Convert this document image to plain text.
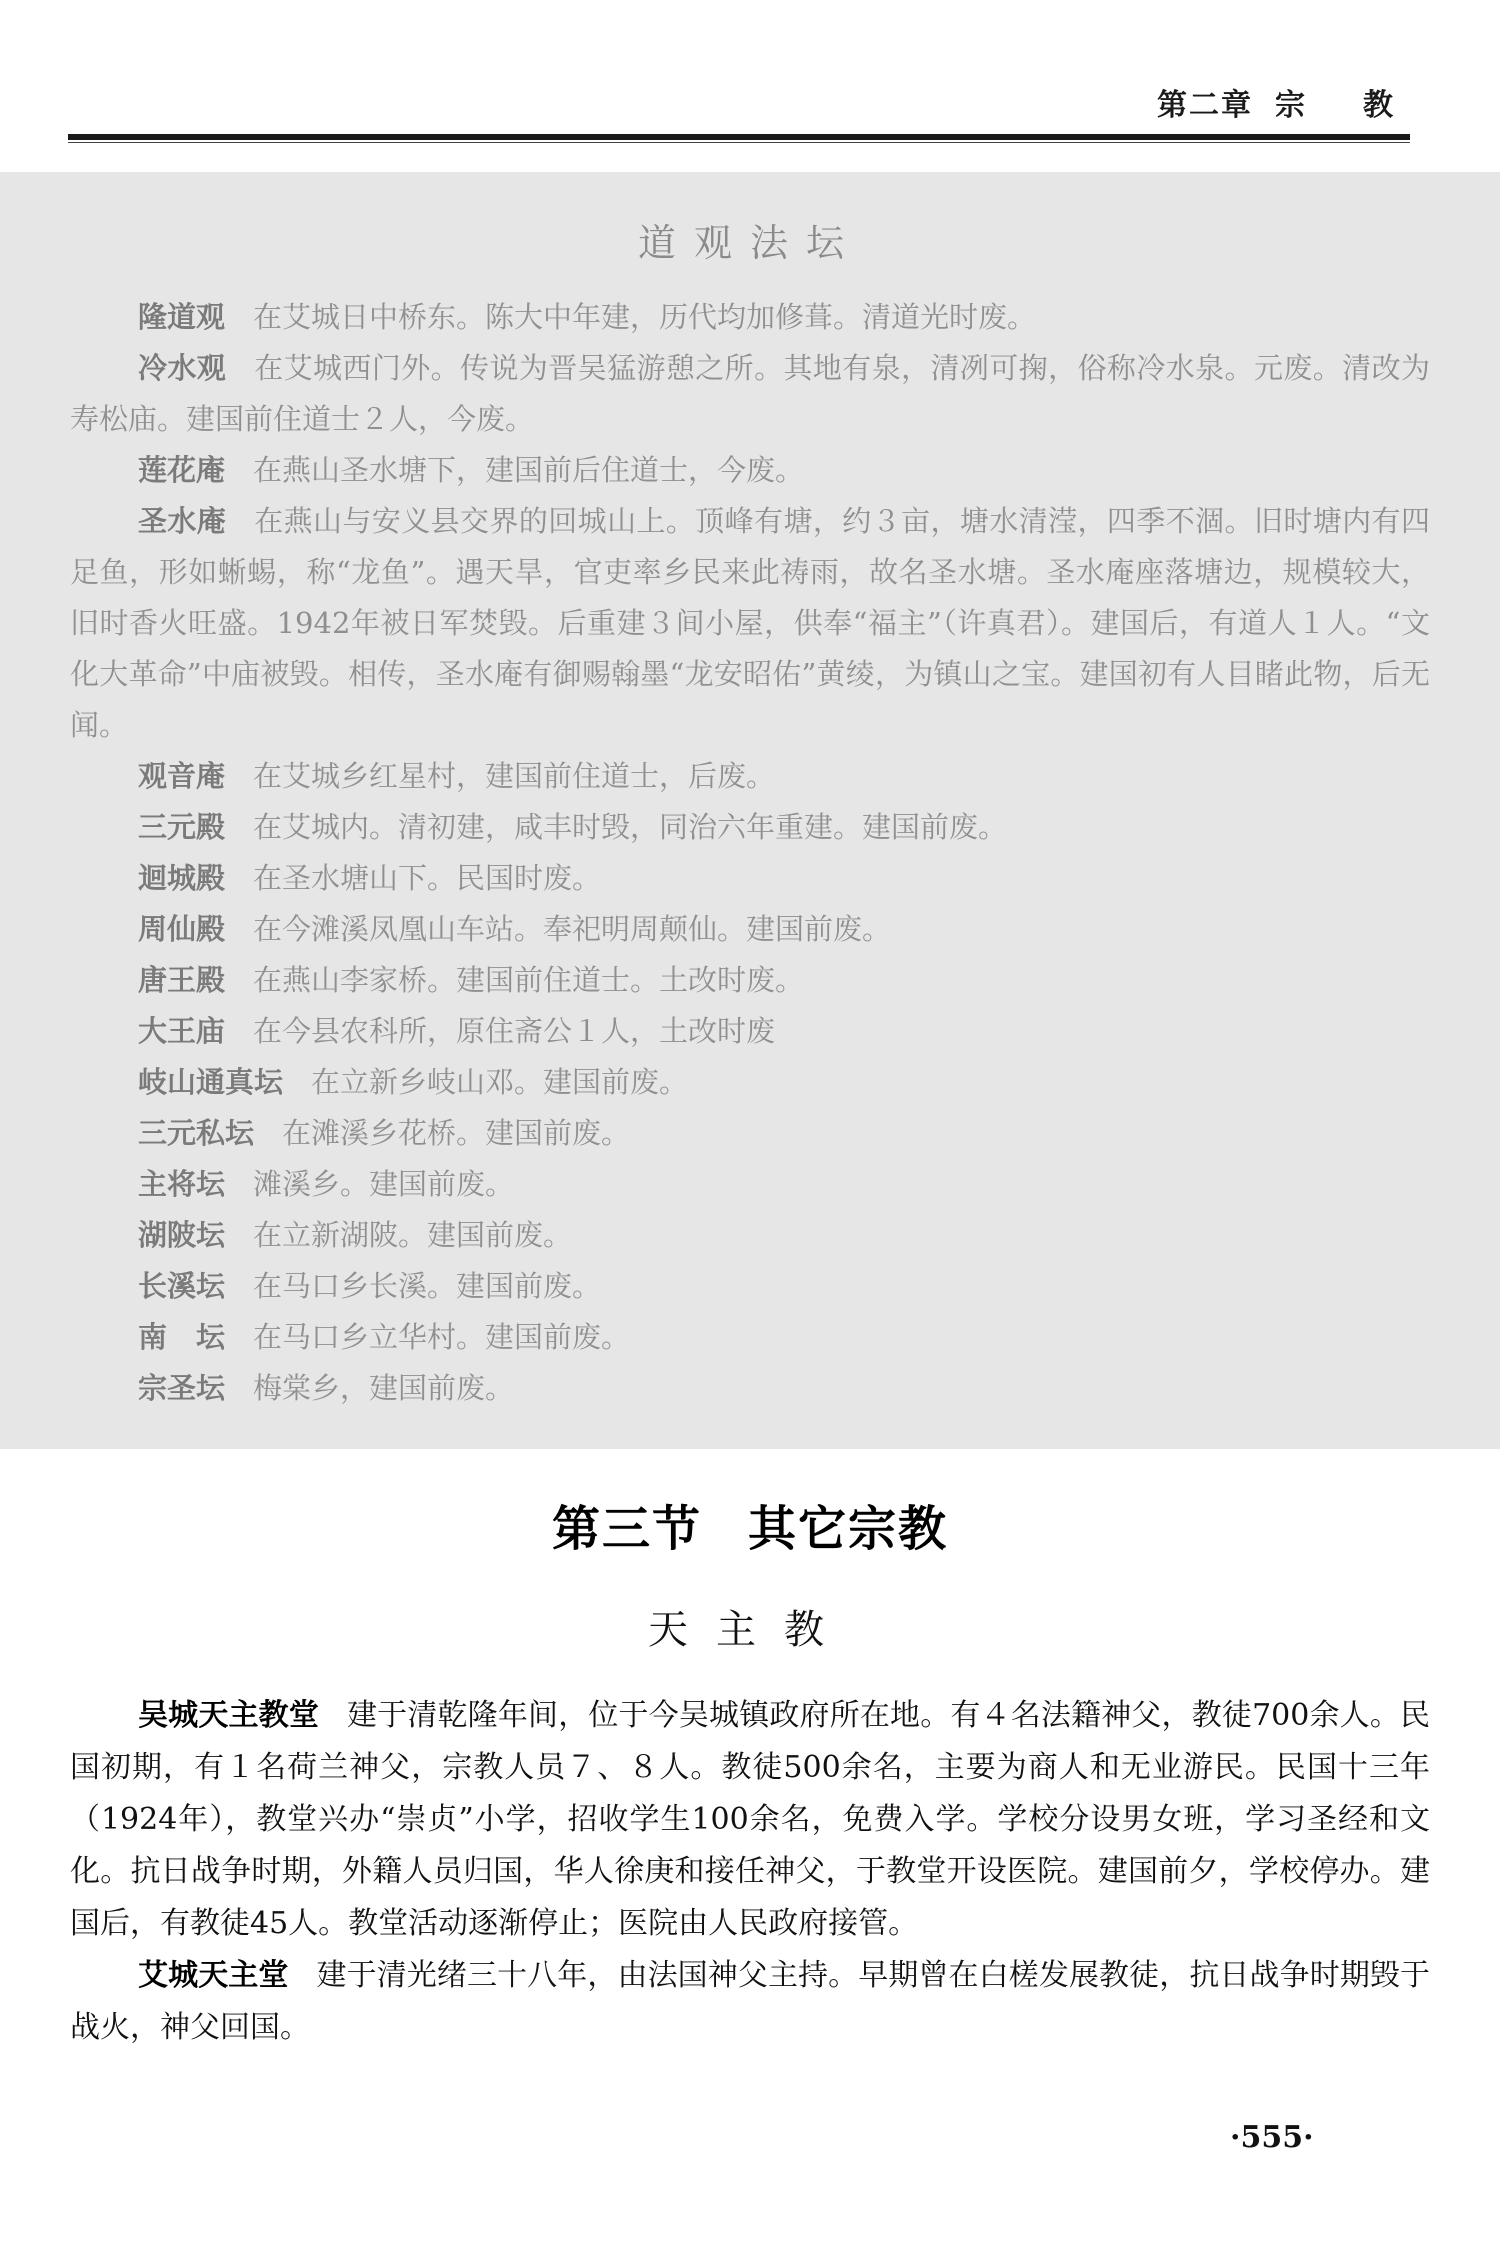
第二章 宗 教
道观法坛

隆道观 在艾城日中桥东。陈大中年建，历代均加修葺。清道光时废。

冷水观 在艾城西门外。传说为晋吴猛游憩之所。其地有泉，清冽可掬，俗称冷水泉。元废。清改为寿松庙。建国前住道士２人，今废。

莲花庵 在燕山圣水塘下，建国前后住道士，今废。

圣水庵 在燕山与安义县交界的回城山上。顶峰有塘，约３亩，塘水清滢，四季不涸。旧时塘内有四足鱼，形如蜥蜴，称“龙鱼”。遇天旱，官吏率乡民来此祷雨，故名圣水塘。圣水庵座落塘边，规模较大，旧时香火旺盛。1942年被日军焚毁。后重建３间小屋，供奉“福主”（许真君）。建国后，有道人１人。“文化大革命”中庙被毁。相传，圣水庵有御赐翰墨“龙安昭佑”黄绫，为镇山之宝。建国初有人目睹此物，后无闻。

观音庵 在艾城乡红星村，建国前住道士，后废。

三元殿 在艾城内。清初建，咸丰时毁，同治六年重建。建国前废。

迴城殿 在圣水塘山下。民国时废。

周仙殿 在今滩溪凤凰山车站。奉祀明周颠仙。建国前废。

唐王殿 在燕山李家桥。建国前住道士。土改时废。

大王庙 在今县农科所，原住斋公１人，土改时废

岐山通真坛 在立新乡岐山邓。建国前废。

三元私坛 在滩溪乡花桥。建国前废。

主将坛 滩溪乡。建国前废。

湖陂坛 在立新湖陂。建国前废。

长溪坛 在马口乡长溪。建国前废。

南　坛 在马口乡立华村。建国前废。

宗圣坛 梅棠乡，建国前废。

第三节 其它宗教
天主教

吴城天主教堂 建于清乾隆年间，位于今吴城镇政府所在地。有４名法籍神父，教徒700余人。民国初期，有１名荷兰神父，宗教人员７、８人。教徒500余名，主要为商人和无业游民。民国十三年（1924年），教堂兴办“崇贞”小学，招收学生100余名，免费入学。学校分设男女班，学习圣经和文化。抗日战争时期，外籍人员归国，华人徐庚和接任神父，于教堂开设医院。建国前夕，学校停办。建国后，有教徒45人。教堂活动逐渐停止；医院由人民政府接管。

艾城天主堂 建于清光绪三十八年，由法国神父主持。早期曾在白槎发展教徒，抗日战争时期毁于战火，神父回国。

·555·
